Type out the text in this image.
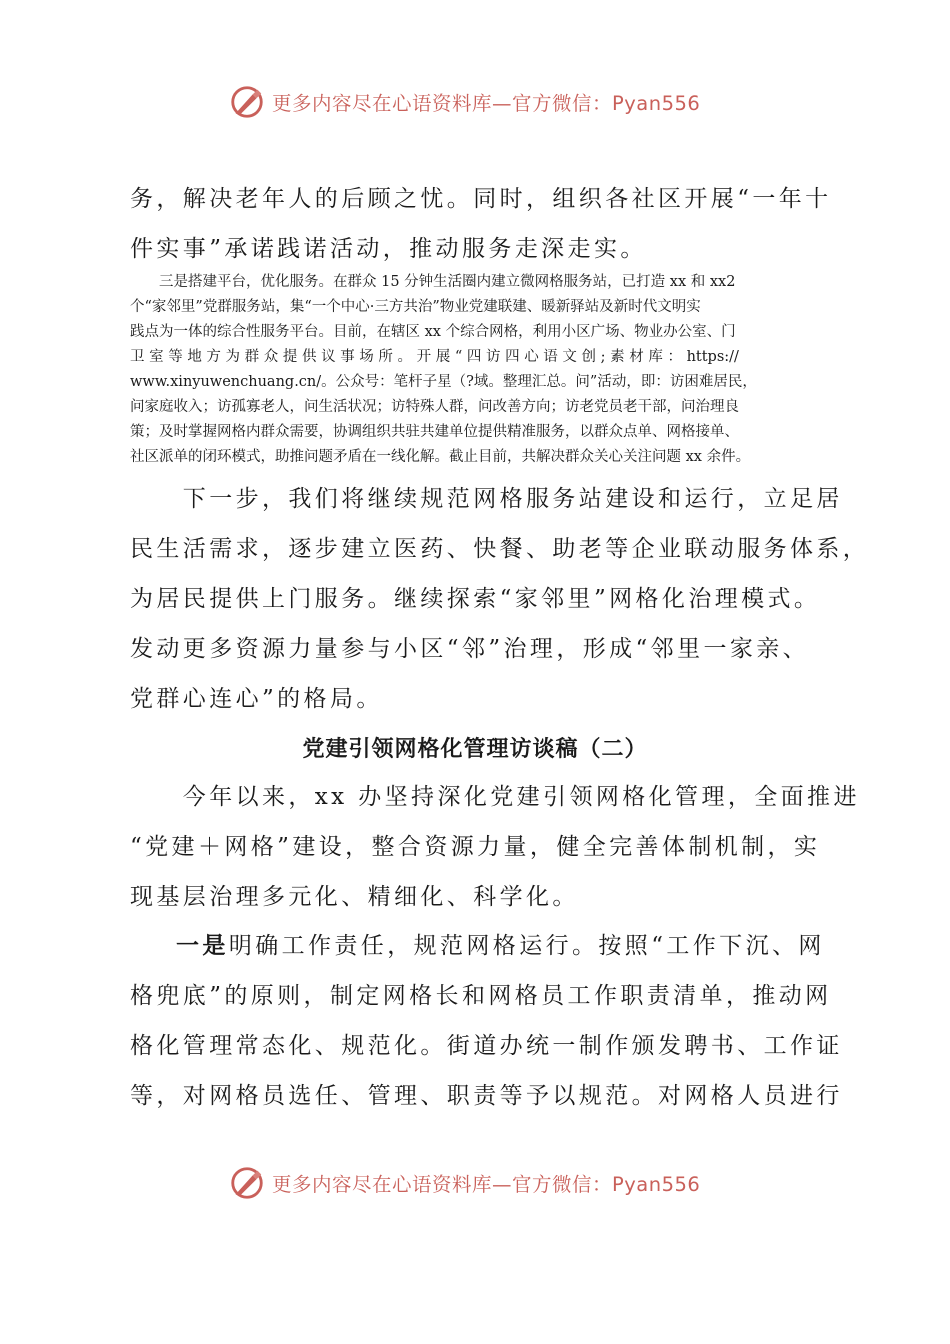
更多内容尽在心语资料库—官方微信：Pyan556

务，解决老年人的后顾之忧。同时，组织各社区开展“一年十
件实事”承诺践诺活动，推动服务走深走实。

　　三是搭建平台，优化服务。在群众 15 分钟生活圈内建立微网格服务站，已打造 xx 和 xx2
个“家邻里”党群服务站，集“一个中心·三方共治”物业党建联建、暖新驿站及新时代文明实
践点为一体的综合性服务平台。目前，在辖区 xx 个综合网格，利用小区广场、物业办公室、门
卫 室 等 地 方 为 群 众 提 供 议 事 场 所 。 开 展 “ 四 访 四 心 语 文 创 ; 素 材 库 ： https://
www.xinyuwenchuang.cn/。公众号：笔杆子星（?域。整理汇总。问”活动，即：访困难居民，
问家庭收入；访孤寡老人，问生活状况；访特殊人群，问改善方向；访老党员老干部，问治理良
策；及时掌握网格内群众需要，协调组织共驻共建单位提供精准服务，以群众点单、网格接单、
社区派单的闭环模式，助推问题矛盾在一线化解。截止目前，共解决群众关心关注问题 xx 余件。

　　下一步，我们将继续规范网格服务站建设和运行，立足居
民生活需求，逐步建立医药、快餐、助老等企业联动服务体系，
为居民提供上门服务。继续探索“家邻里”网格化治理模式。
发动更多资源力量参与小区“邻”治理，形成“邻里一家亲、
党群心连心”的格局。

党建引领网格化管理访谈稿（二）

　　今年以来，xx 办坚持深化党建引领网格化管理，全面推进
“党建＋网格”建设，整合资源力量，健全完善体制机制，实
现基层治理多元化、精细化、科学化。

　　一是明确工作责任，规范网格运行。按照“工作下沉、网
格兜底”的原则，制定网格长和网格员工作职责清单，推动网
格化管理常态化、规范化。街道办统一制作颁发聘书、工作证
等，对网格员选任、管理、职责等予以规范。对网格人员进行

更多内容尽在心语资料库—官方微信：Pyan556
